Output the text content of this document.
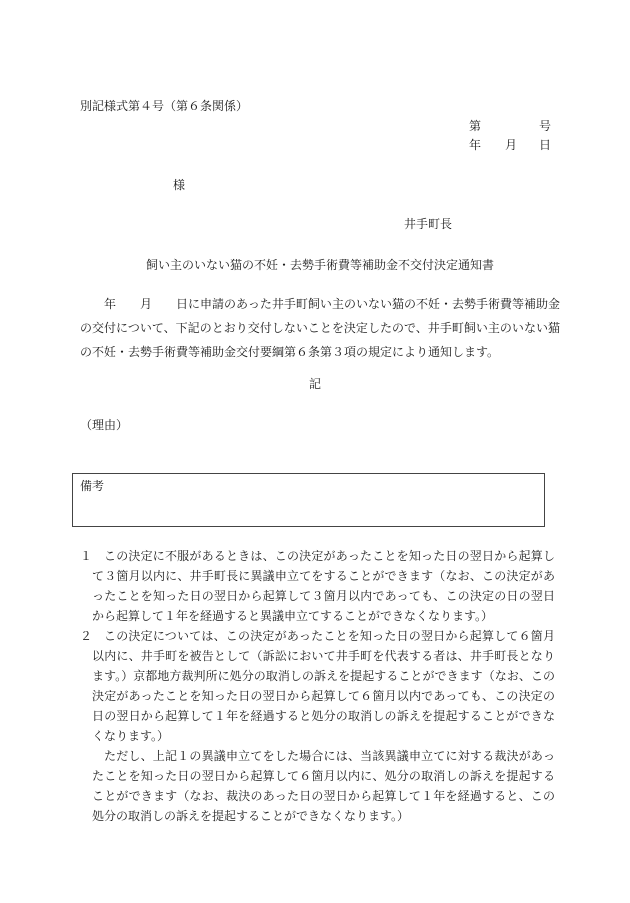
別記様式第４号（第６条関係）
第	号
年 月 日
様
井手町長
飼い主のいない猫の不妊・去勢手術費等補助金不交付決定通知書

　年　　月　　日に申請のあった井手町飼い主のいない猫の不妊・去勢手術費等補助金の交付について、下記のとおり交付しないことを決定したので、井手町飼い主のいない猫の不妊・去勢手術費等補助金交付要綱第６条第３項の規定により通知します。

記
（理由）
備考
１ この決定に不服があるときは、この決定があったことを知った日の翌日から起算して３箇月以内に、井手町長に異議申立てをすることができます（なお、この決定があったことを知った日の翌日から起算して３箇月以内であっても、この決定の日の翌日から起算して１年を経過すると異議申立てすることができなくなります。）
２ この決定については、この決定があったことを知った日の翌日から起算して６箇月以内に、井手町を被告として（訴訟において井手町を代表する者は、井手町長となります。）京都地方裁判所に処分の取消しの訴えを提起することができます（なお、この決定があったことを知った日の翌日から起算して６箇月以内であっても、この決定の日の翌日から起算して１年を経過すると処分の取消しの訴えを提起することができなくなります。）
ただし、上記１の異議申立てをした場合には、当該異議申立てに対する裁決があったことを知った日の翌日から起算して６箇月以内に、処分の取消しの訴えを提起することができます（なお、裁決のあった日の翌日から起算して１年を経過すると、この処分の取消しの訴えを提起することができなくなります。）
